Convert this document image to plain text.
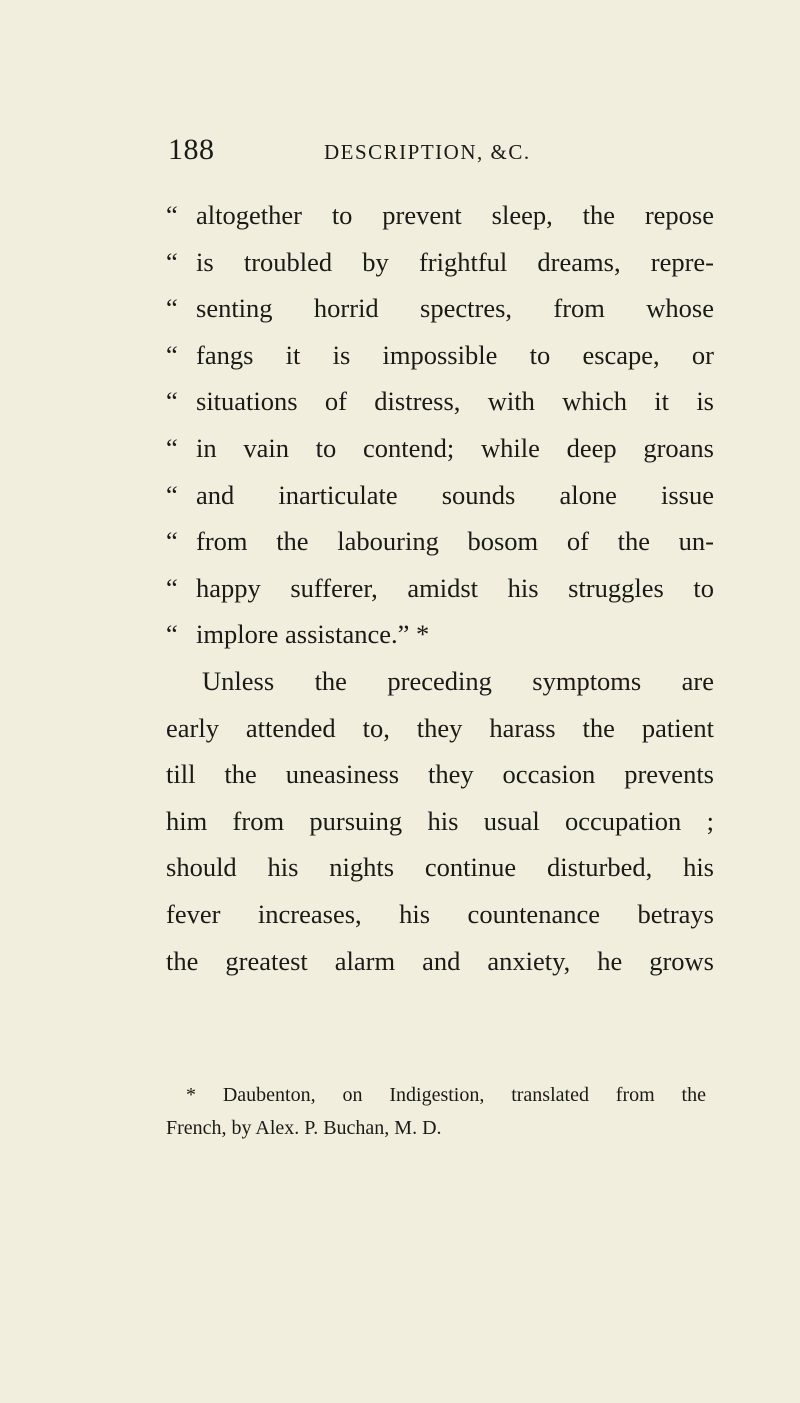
188	DESCRIPTION, &C.
“ altogether to prevent sleep, the repose
“ is troubled by frightful dreams, repre-
“ senting horrid spectres, from whose
“ fangs it is impossible to escape, or
“ situations of distress, with which it is
“ in vain to contend; while deep groans
“ and inarticulate sounds alone issue
“ from the labouring bosom of the un-
“ happy sufferer, amidst his struggles to
“ implore assistance.” *
Unless the preceding symptoms are
early attended to, they harass the patient
till the uneasiness they occasion prevents
him from pursuing his usual occupation ;
should his nights continue disturbed, his
fever increases, his countenance betrays
the greatest alarm and anxiety, he grows
* Daubenton, on Indigestion, translated from the
French, by Alex. P. Buchan, M. D.
